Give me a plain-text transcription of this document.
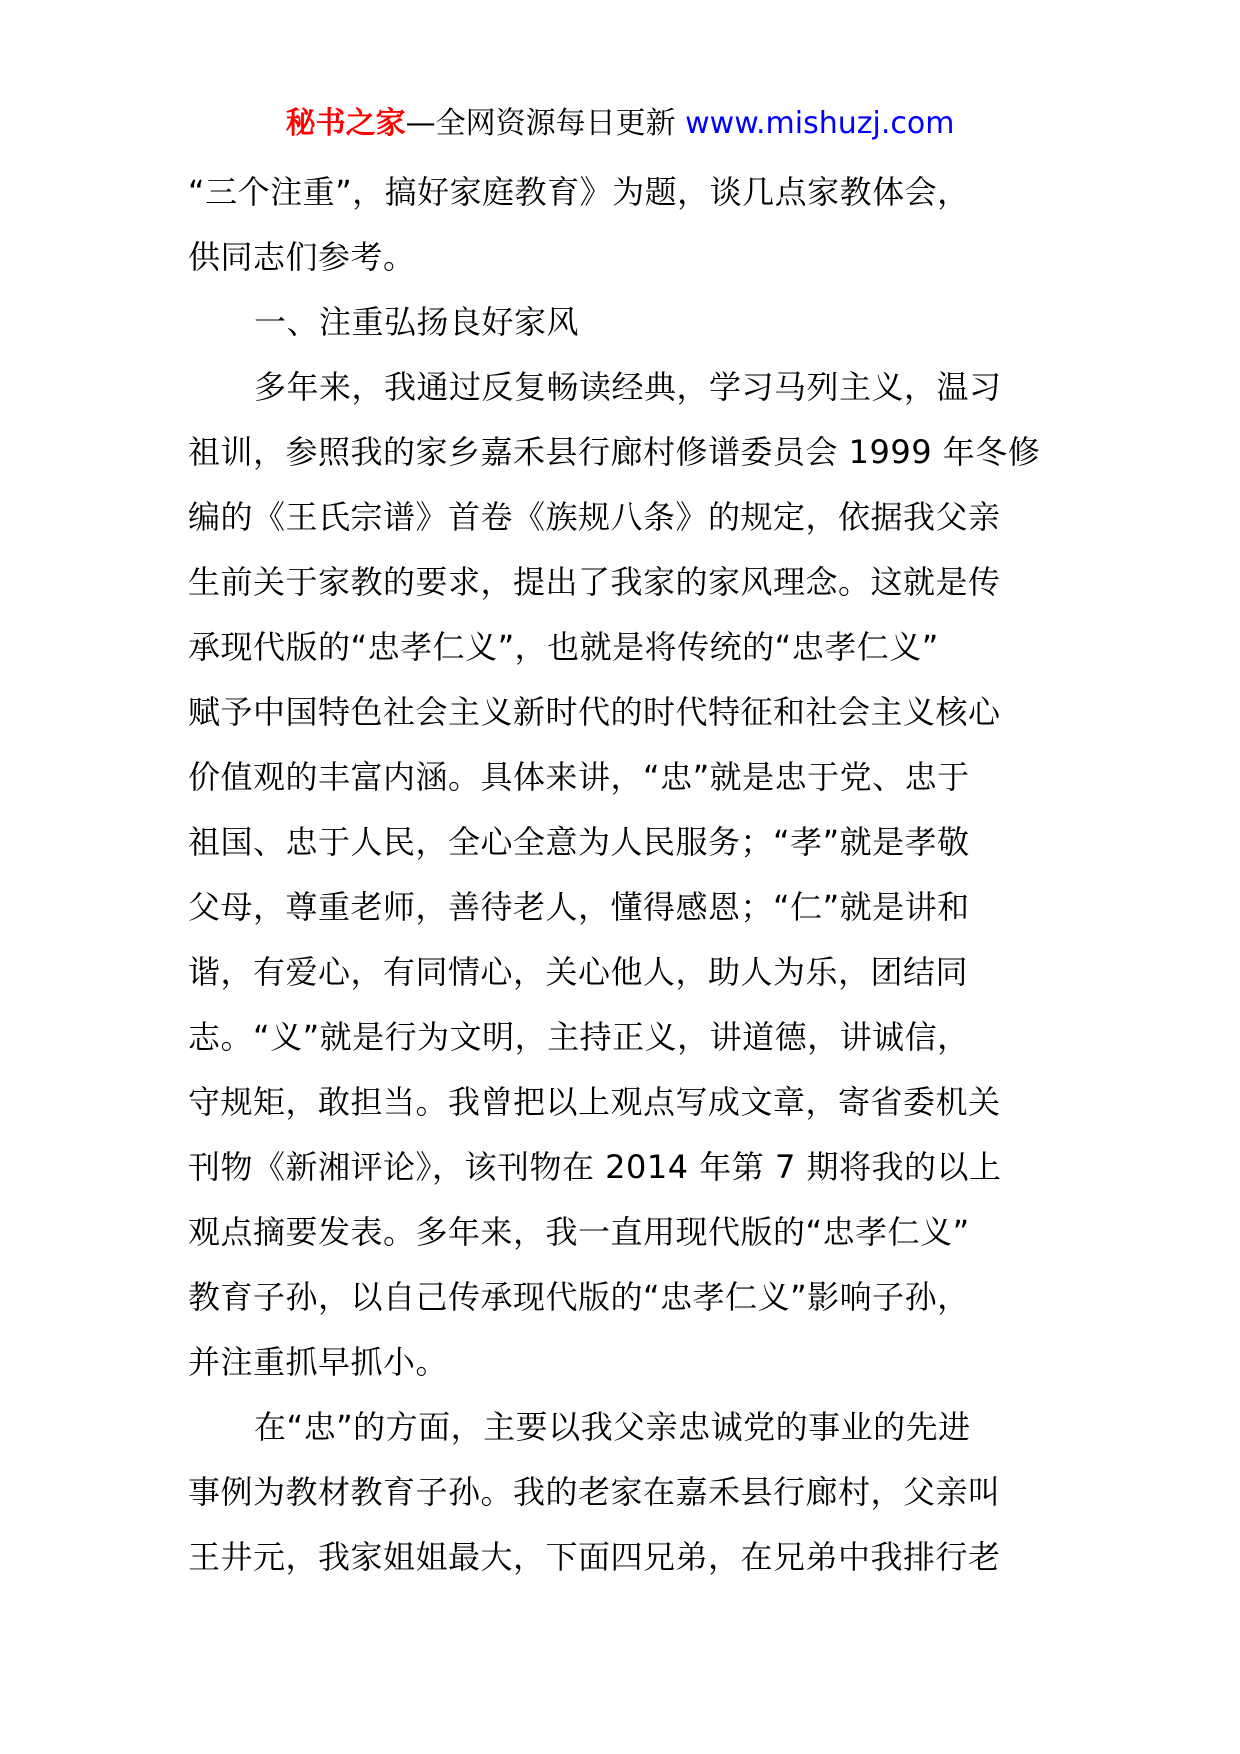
秘书之家—全网资源每日更新 www.mishuzj.com
“三个注重”，搞好家庭教育》为题，谈几点家教体会，
供同志们参考。
一、注重弘扬良好家风
多年来，我通过反复畅读经典，学习马列主义，温习
祖训，参照我的家乡嘉禾县行廊村修谱委员会 1999 年冬修
编的《王氏宗谱》首卷《族规八条》的规定，依据我父亲
生前关于家教的要求，提出了我家的家风理念。这就是传
承现代版的“忠孝仁义”，也就是将传统的“忠孝仁义”
赋予中国特色社会主义新时代的时代特征和社会主义核心
价值观的丰富内涵。具体来讲，“忠”就是忠于党、忠于
祖国、忠于人民，全心全意为人民服务；“孝”就是孝敬
父母，尊重老师，善待老人，懂得感恩；“仁”就是讲和
谐，有爱心，有同情心，关心他人，助人为乐，团结同
志。“义”就是行为文明，主持正义，讲道德，讲诚信，
守规矩，敢担当。我曾把以上观点写成文章，寄省委机关
刊物《新湘评论》，该刊物在 2014 年第 7 期将我的以上
观点摘要发表。多年来，我一直用现代版的“忠孝仁义”
教育子孙，以自己传承现代版的“忠孝仁义”影响子孙，
并注重抓早抓小。
在“忠”的方面，主要以我父亲忠诚党的事业的先进
事例为教材教育子孙。我的老家在嘉禾县行廊村，父亲叫
王井元，我家姐姐最大，下面四兄弟，在兄弟中我排行老
